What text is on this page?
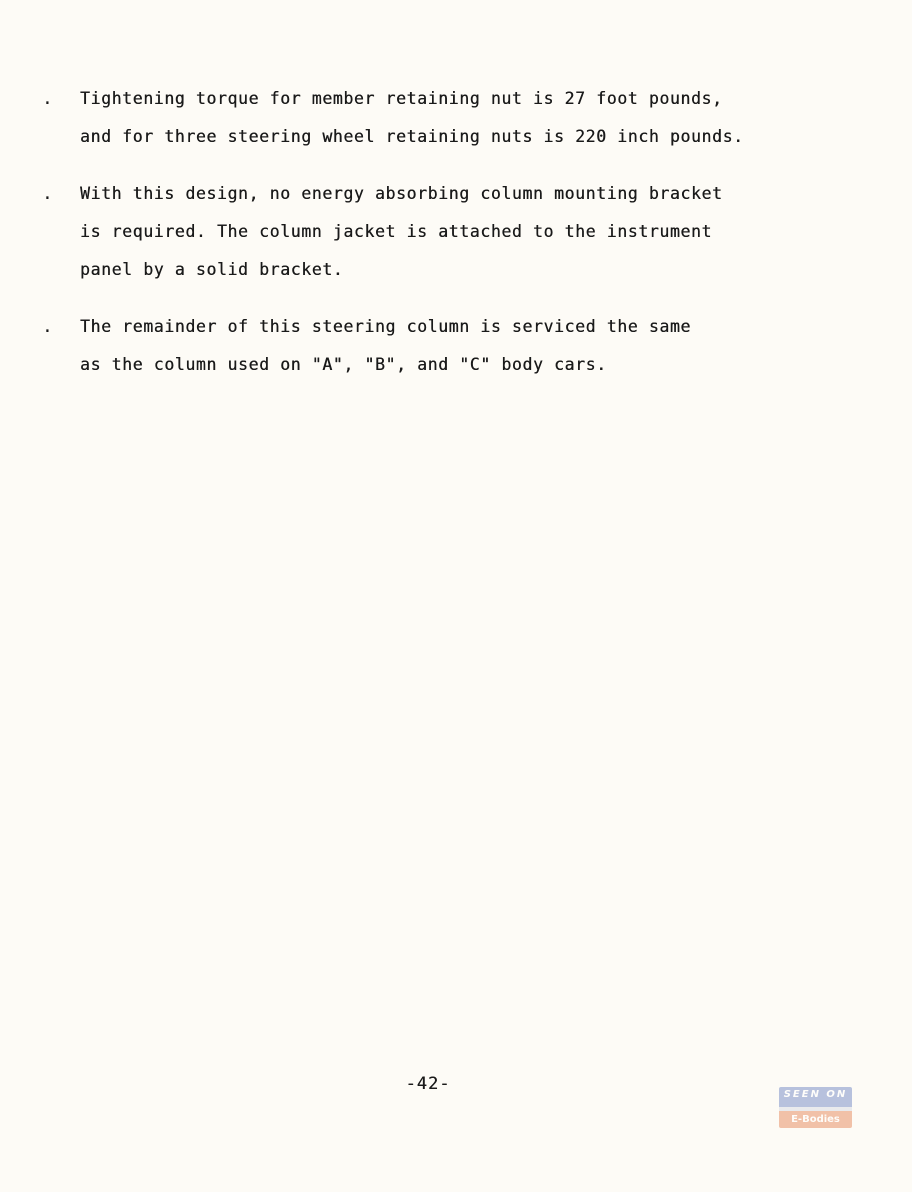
. Tightening torque for member retaining nut is 27 foot pounds,
and for three steering wheel retaining nuts is 220 inch pounds.
. With this design, no energy absorbing column mounting bracket
is required. The column jacket is attached to the instrument
panel by a solid bracket.
. The remainder of this steering column is serviced the same
as the column used on "A", "B", and "C" body cars.
-42-
SEEN ON
E-Bodies
